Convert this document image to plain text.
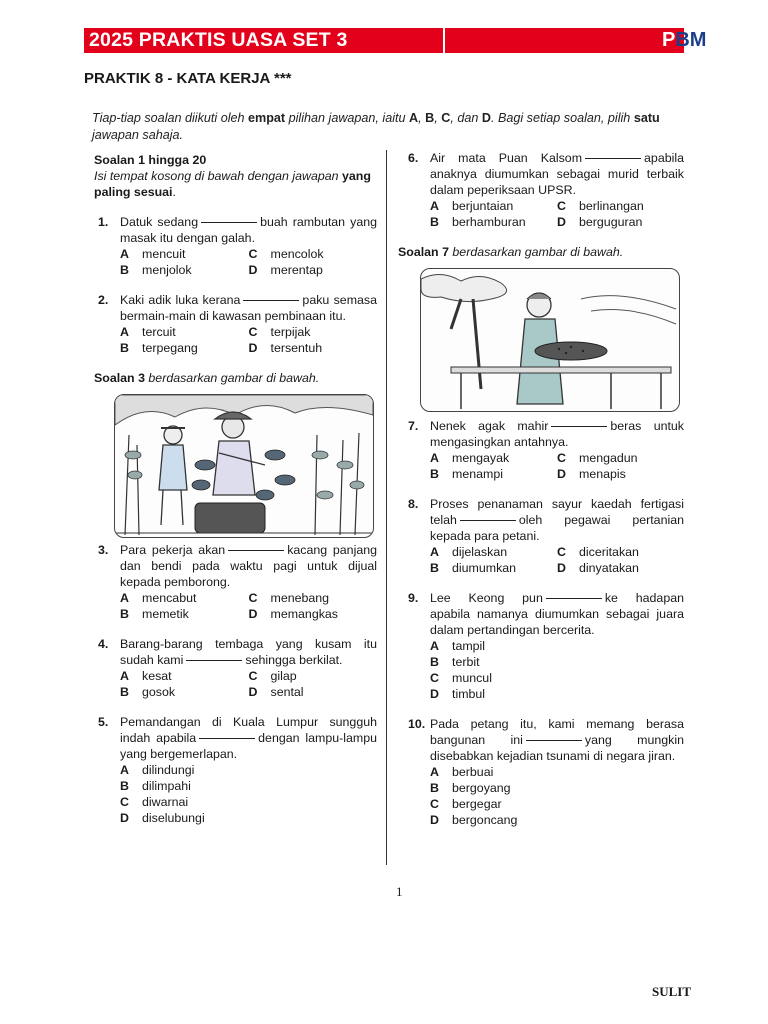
2025 PRAKTIS UASA SET 3	PBM
PRAKTIK 8 - KATA KERJA ***
Tiap-tiap soalan diikuti oleh empat pilihan jawapan, iaitu A, B, C, dan D. Bagi setiap soalan, pilih satu jawapan sahaja.
Soalan 1 hingga 20
Isi tempat kosong di bawah dengan jawapan yang paling sesuai.
1. Datuk sedang	buah rambutan yang masak itu dengan galah.
A mencuit	C mencolok
B menjolok	D merentap
2. Kaki adik luka kerana	paku semasa bermain-main di kawasan pembinaan itu.
A tercuit	C terpijak
B terpegang	D tersentuh
Soalan 3 berdasarkan gambar di bawah.
3. Para pekerja akan	kacang panjang dan bendi pada waktu pagi untuk dijual kepada pemborong.
A mencabut	C menebang
B memetik	D memangkas
4. Barang-barang tembaga yang kusam itu sudah kami	sehingga berkilat.
A kesat	C gilap
B gosok	D sental
5. Pemandangan di Kuala Lumpur sungguh indah apabila	dengan lampu-lampu yang bergemerlapan.
A dilindungi
B dilimpahi
C diwarnai
D diselubungi
6. Air mata Puan Kalsom	apabila anaknya diumumkan sebagai murid terbaik dalam peperiksaan UPSR.
A berjuntaian	C berlinangan
B berhamburan	D berguguran
Soalan 7 berdasarkan gambar di bawah.
7. Nenek agak mahir	beras untuk mengasingkan antahnya.
A mengayak	C mengadun
B menampi	D menapis
8. Proses penanaman sayur kaedah fertigasi telah	oleh pegawai pertanian kepada para petani.
A dijelaskan	C diceritakan
B diumumkan	D dinyatakan
9. Lee Keong pun	ke hadapan apabila namanya diumumkan sebagai juara dalam pertandingan bercerita.
A tampil
B terbit
C muncul
D timbul
10. Pada petang itu, kami memang berasa bangunan ini	yang mungkin disebabkan kejadian tsunami di negara jiran.
A berbuai
B bergoyang
C bergegar
D bergoncang
1
SULIT
